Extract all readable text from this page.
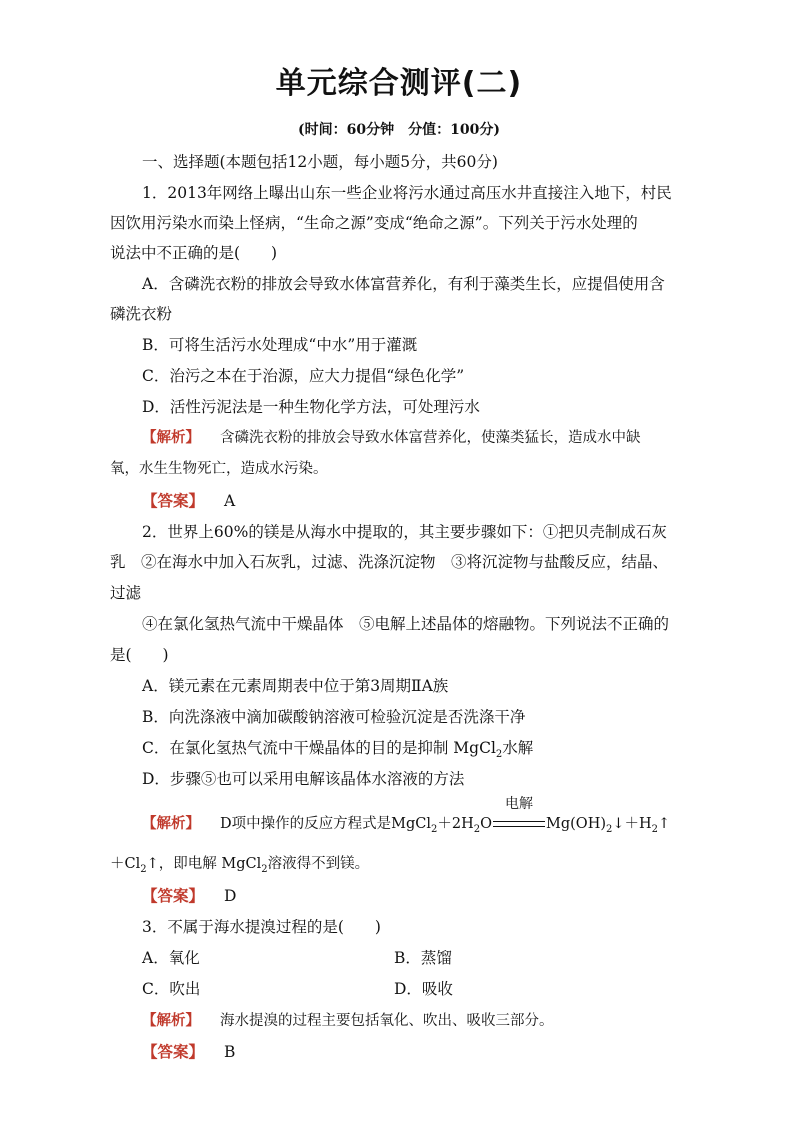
单元综合测评(二)
(时间：60分钟　分值：100分)
一、选择题(本题包括12小题，每小题5分，共60分)
1．2013年网络上曝出山东一些企业将污水通过高压水井直接注入地下，村民
因饮用污染水而染上怪病，“生命之源”变成“绝命之源”。下列关于污水处理的
说法中不正确的是(　　)
A．含磷洗衣粉的排放会导致水体富营养化，有利于藻类生长，应提倡使用含
磷洗衣粉
B．可将生活污水处理成“中水”用于灌溉
C．治污之本在于治源，应大力提倡“绿色化学”
D．活性污泥法是一种生物化学方法，可处理污水
【 解析 】 含磷洗衣粉的排放会导致水体富营养化，使藻类猛长，造成水中缺
氧，水生生物死亡，造成水污染。
【 答案 】 A
2．世界上60%的镁是从海水中提取的，其主要步骤如下：①把贝壳制成石灰
乳　②在海水中加入石灰乳，过滤、洗涤沉淀物　③将沉淀物与盐酸反应，结晶、
过滤
④在氯化氢热气流中干燥晶体　⑤电解上述晶体的熔融物。下列说法不正确的
是(　　)
A．镁元素在元素周期表中位于第3周期ⅡA族
B．向洗涤液中滴加碳酸钠溶液可检验沉淀是否洗涤干净
C．在氯化氢热气流中干燥晶体的目的是抑制 MgCl$_2$水解
D．步骤⑤也可以采用电解该晶体水溶液的方法
【 解析 】 D项中操作的反应方程式是$MgCl_2+2H_2O$
电解
$Mg(OH)_2↓+H_2↑$
$+Cl_2↑$，即电解 MgCl$_2$溶液得不到镁。
【 答案 】 D
3．不属于海水提溴过程的是(　　)
A．氧化	B．蒸馏
C．吹出	D．吸收
【 解析 】 海水提溴的过程主要包括氧化、吹出、吸收三部分。
【 答案 】 B
